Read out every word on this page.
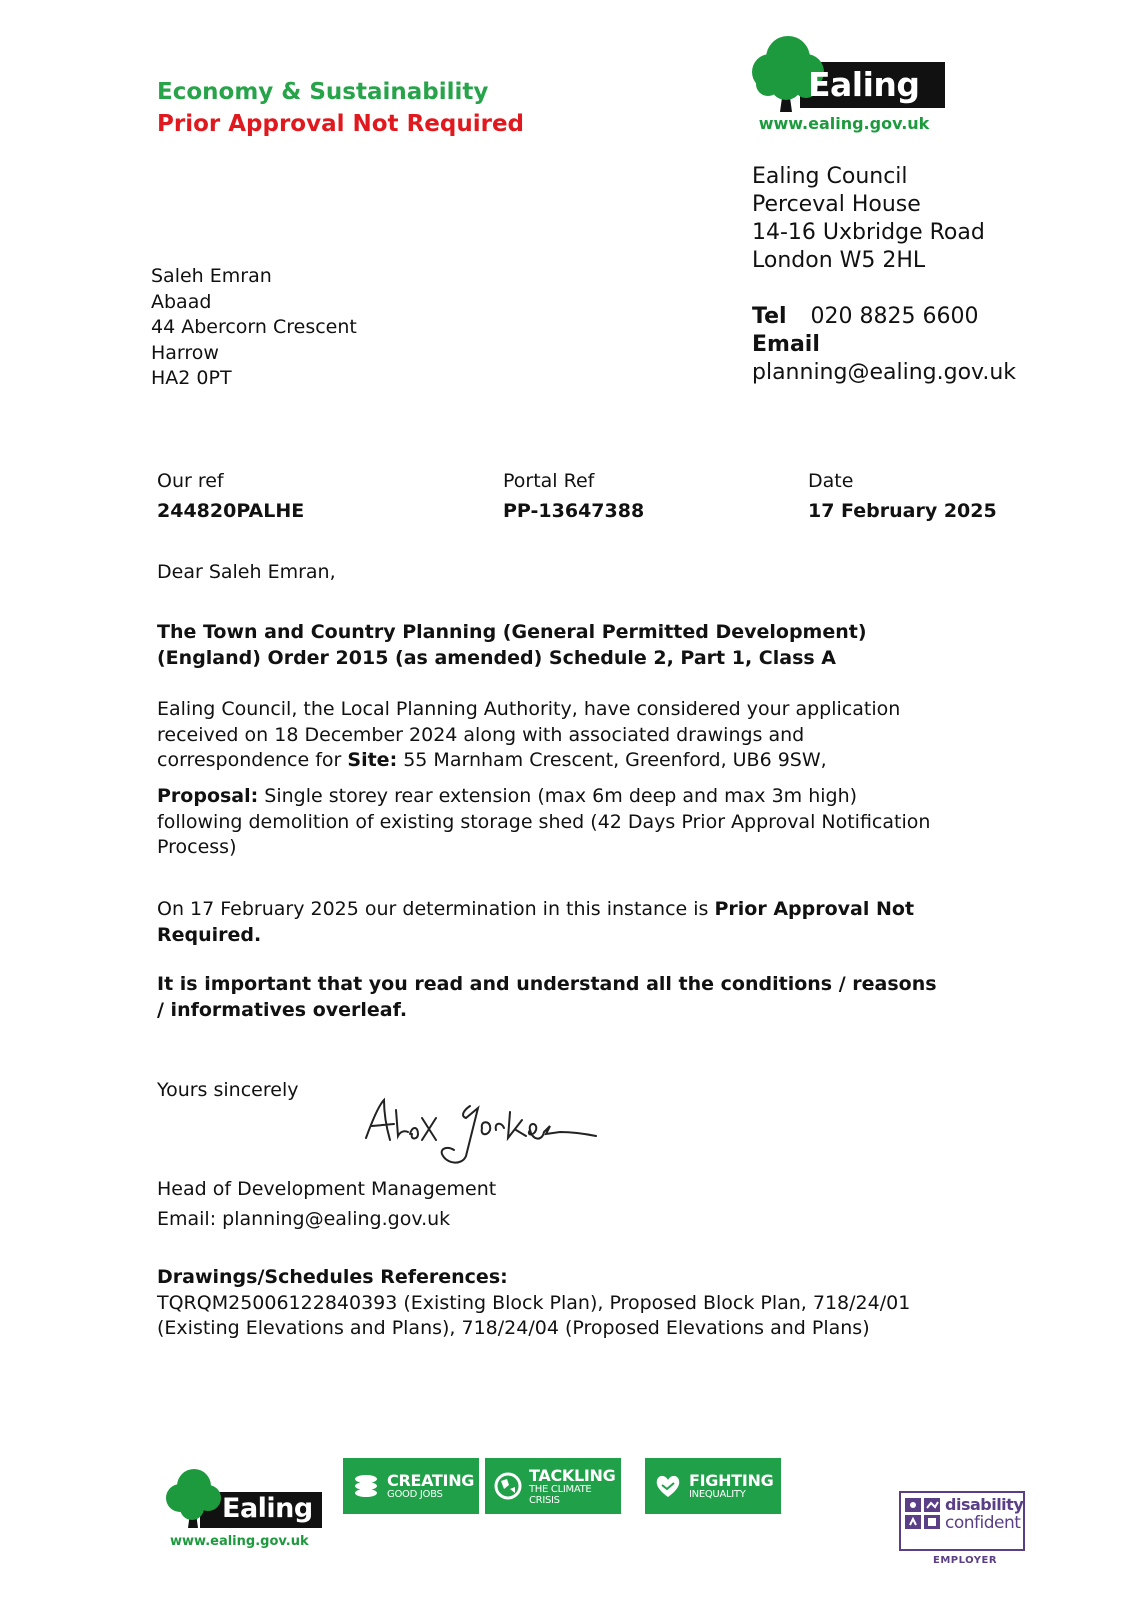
Economy & Sustainability
Prior Approval Not Required
Ealing
www.ealing.gov.uk
Ealing Council
Perceval House
14-16 Uxbridge Road
London W5 2HL
Tel 020 8825 6600
Email
planning@ealing.gov.uk
Saleh Emran
Abaad
44 Abercorn Crescent
Harrow
HA2 0PT
Our ref
244820PALHE
Portal Ref
PP-13647388
Date
17 February 2025
Dear Saleh Emran,
The Town and Country Planning (General Permitted Development)
(England) Order 2015 (as amended) Schedule 2, Part 1, Class A
Ealing Council, the Local Planning Authority, have considered your application
received on 18 December 2024 along with associated drawings and
correspondence for Site: 55 Marnham Crescent, Greenford, UB6 9SW,
Proposal: Single storey rear extension (max 6m deep and max 3m high)
following demolition of existing storage shed (42 Days Prior Approval Notification
Process)
On 17 February 2025 our determination in this instance is Prior Approval Not
Required.
It is important that you read and understand all the conditions / reasons
/ informatives overleaf.
Yours sincerely
Head of Development Management
Email: planning@ealing.gov.uk
Drawings/Schedules References:
TQRQM25006122840393 (Existing Block Plan), Proposed Block Plan, 718/24/01
(Existing Elevations and Plans), 718/24/04 (Proposed Elevations and Plans)
Ealing
www.ealing.gov.uk
CREATING
GOOD JOBS
TACKLING
THE CLIMATE CRISIS
FIGHTING
INEQUALITY
disability
confident
EMPLOYER
